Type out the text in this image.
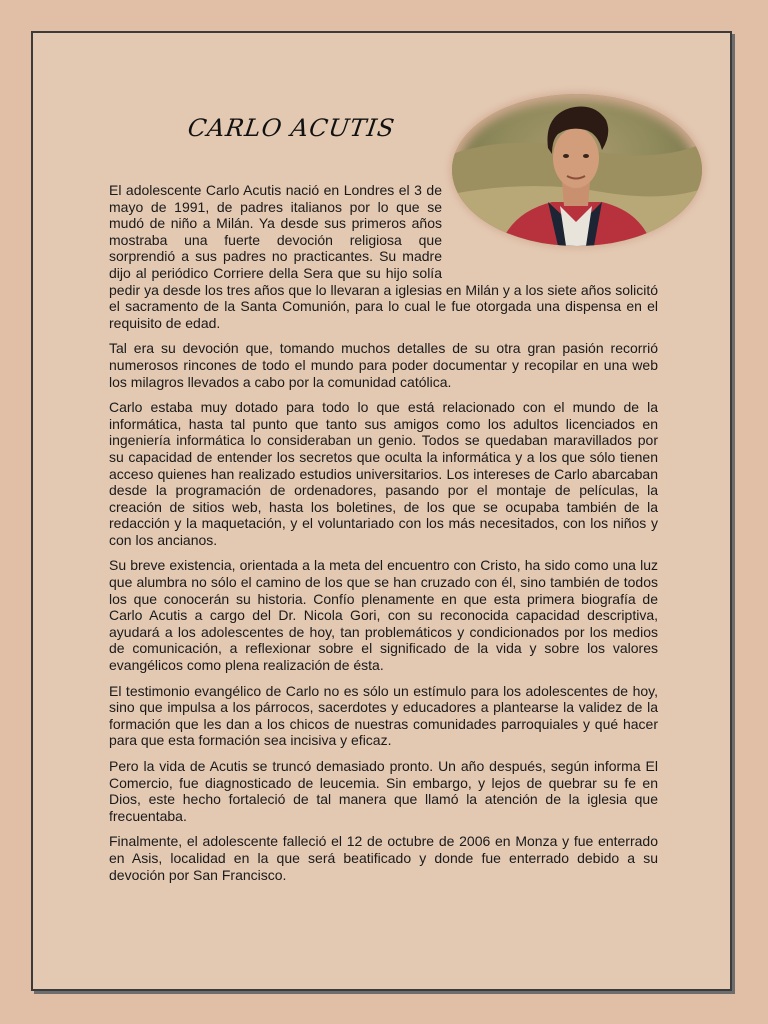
CARLO ACUTIS

El adolescente Carlo Acutis nació en Londres el 3 de mayo de 1991, de padres italianos por lo que se mudó de niño a Milán. Ya desde sus primeros años mostraba una fuerte devoción religiosa que sorprendió a sus padres no practicantes. Su madre dijo al periódico Corriere della Sera que su hijo solía pedir ya desde los tres años que lo llevaran a iglesias en Milán y a los siete años solicitó el sacramento de la Santa Comunión, para lo cual le fue otorgada una dispensa en el requisito de edad.

Tal era su devoción que, tomando muchos detalles de su otra gran pasión recorrió numerosos rincones de todo el mundo para poder documentar y recopilar en una web los milagros llevados a cabo por la comunidad católica.

Carlo estaba muy dotado para todo lo que está relacionado con el mundo de la informática, hasta tal punto que tanto sus amigos como los adultos licenciados en ingeniería informática lo consideraban un genio. Todos se quedaban maravillados por su capacidad de entender los secretos que oculta la informática y a los que sólo tienen acceso quienes han realizado estudios universitarios. Los intereses de Carlo abarcaban desde la programación de ordenadores, pasando por el montaje de películas, la creación de sitios web, hasta los boletines, de los que se ocupaba también de la redacción y la maquetación, y el voluntariado con los más necesitados, con los niños y con los ancianos.

Su breve existencia, orientada a la meta del encuentro con Cristo, ha sido como una luz que alumbra no sólo el camino de los que se han cruzado con él, sino también de todos los que conocerán su historia. Confío plenamente en que esta primera biografía de Carlo Acutis a cargo del Dr. Nicola Gori, con su reconocida capacidad descriptiva, ayudará a los adolescentes de hoy, tan problemáticos y condicionados por los medios de comunicación, a reflexionar sobre el significado de la vida y sobre los valores evangélicos como plena realización de ésta.

El testimonio evangélico de Carlo no es sólo un estímulo para los adolescentes de hoy, sino que impulsa a los párrocos, sacerdotes y educadores a plantearse la validez de la formación que les dan a los chicos de nuestras comunidades parroquiales y qué hacer para que esta formación sea incisiva y eficaz.

Pero la vida de Acutis se truncó demasiado pronto. Un año después, según informa El Comercio, fue diagnosticado de leucemia. Sin embargo, y lejos de quebrar su fe en Dios, este hecho fortaleció de tal manera que llamó la atención de la iglesia que frecuentaba.

Finalmente, el adolescente falleció el 12 de octubre de 2006 en Monza y fue enterrado en Asis, localidad en la que será beatificado y donde fue enterrado debido a su devoción por San Francisco.
